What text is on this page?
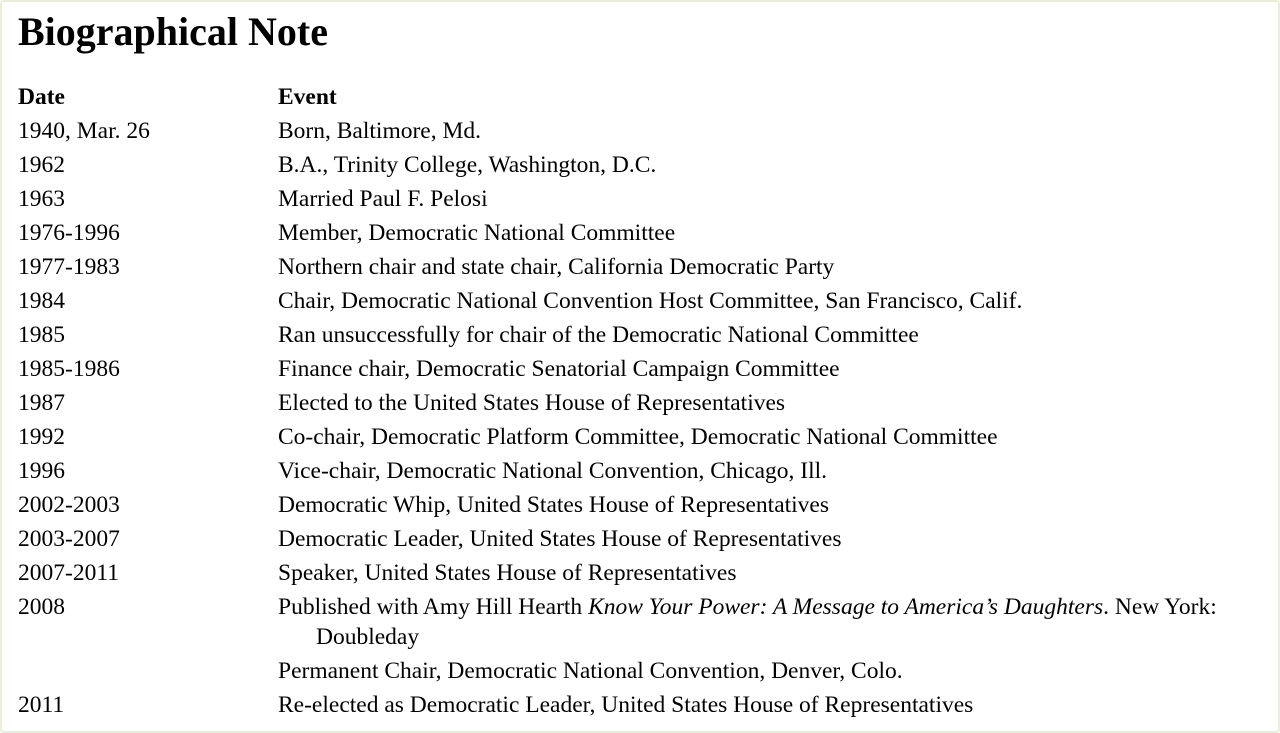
Biographical Note
Date	Event
1940, Mar. 26	Born, Baltimore, Md.

1962	B.A., Trinity College, Washington, D.C.

1963	Married Paul F. Pelosi

1976-1996	Member, Democratic National Committee

1977-1983	Northern chair and state chair, California Democratic Party

1984	Chair, Democratic National Convention Host Committee, San Francisco, Calif.

1985	Ran unsuccessfully for chair of the Democratic National Committee

1985-1986	Finance chair, Democratic Senatorial Campaign Committee

1987	Elected to the United States House of Representatives

1992	Co-chair, Democratic Platform Committee, Democratic National Committee

1996	Vice-chair, Democratic National Convention, Chicago, Ill.

2002-2003	Democratic Whip, United States House of Representatives

2003-2007	Democratic Leader, United States House of Representatives

2007-2011	Speaker, United States House of Representatives

2008	Published with Amy Hill Hearth Know Your Power: A Message to America’s Daughters. New York: Doubleday
Permanent Chair, Democratic National Convention, Denver, Colo.

2011	Re-elected as Democratic Leader, United States House of Representatives
